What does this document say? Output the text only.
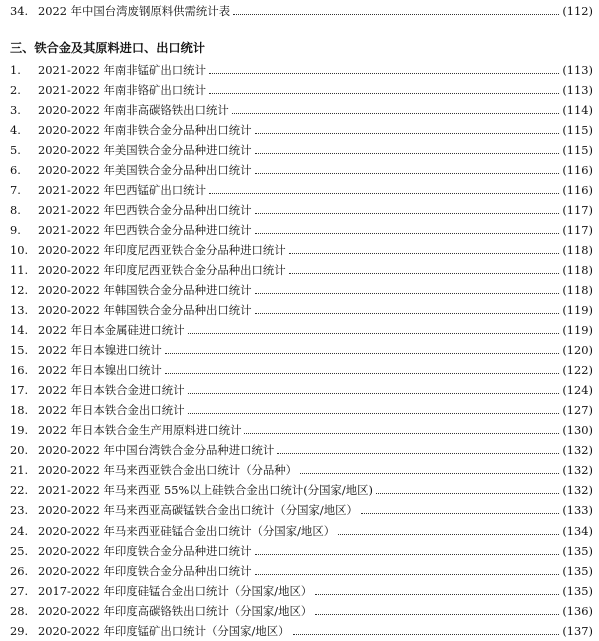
34. 2022 年中国台湾废钢原料供需统计表	(112)
三、铁合金及其原料进口、出口统计
1.	2021-2022 年南非锰矿出口统计	(113)
2.	2021-2022 年南非铬矿出口统计	(113)
3.	2020-2022 年南非高碳铬铁出口统计	(114)
4.	2020-2022 年南非铁合金分品种出口统计	(115)
5.	2020-2022 年美国铁合金分品种进口统计	(115)
6.	2020-2022 年美国铁合金分品种出口统计	(116)
7.	2021-2022 年巴西锰矿出口统计	(116)
8.	2021-2022 年巴西铁合金分品种出口统计	(117)
9.	2021-2022 年巴西铁合金分品种进口统计	(117)
10. 2020-2022 年印度尼西亚铁合金分品种进口统计	(118)
11. 2020-2022 年印度尼西亚铁合金分品种出口统计	(118)
12. 2020-2022 年韩国铁合金分品种进口统计	(118)
13. 2020-2022 年韩国铁合金分品种出口统计	(119)
14. 2022 年日本金属硅进口统计	(119)
15. 2022 年日本镍进口统计	(120)
16. 2022 年日本镍出口统计	(122)
17. 2022 年日本铁合金进口统计	(124)
18. 2022 年日本铁合金出口统计	(127)
19. 2022 年日本铁合金生产用原料进口统计	(130)
20. 2020-2022 年中国台湾铁合金分品种进口统计	(132)
21. 2020-2022 年马来西亚铁合金出口统计（分品种）	(132)
22. 2021-2022 年马来西亚 55%以上硅铁合金出口统计(分国家/地区)	(132)
23. 2020-2022 年马来西亚高碳锰铁合金出口统计（分国家/地区）	(133)
24. 2020-2022 年马来西亚硅锰合金出口统计（分国家/地区）	(134)
25. 2020-2022 年印度铁合金分品种进口统计	(135)
26. 2020-2022 年印度铁合金分品种出口统计	(135)
27. 2017-2022 年印度硅锰合金出口统计（分国家/地区）	(135)
28. 2020-2022 年印度高碳铬铁出口统计（分国家/地区）	(136)
29. 2020-2022 年印度锰矿出口统计（分国家/地区）	(137)
